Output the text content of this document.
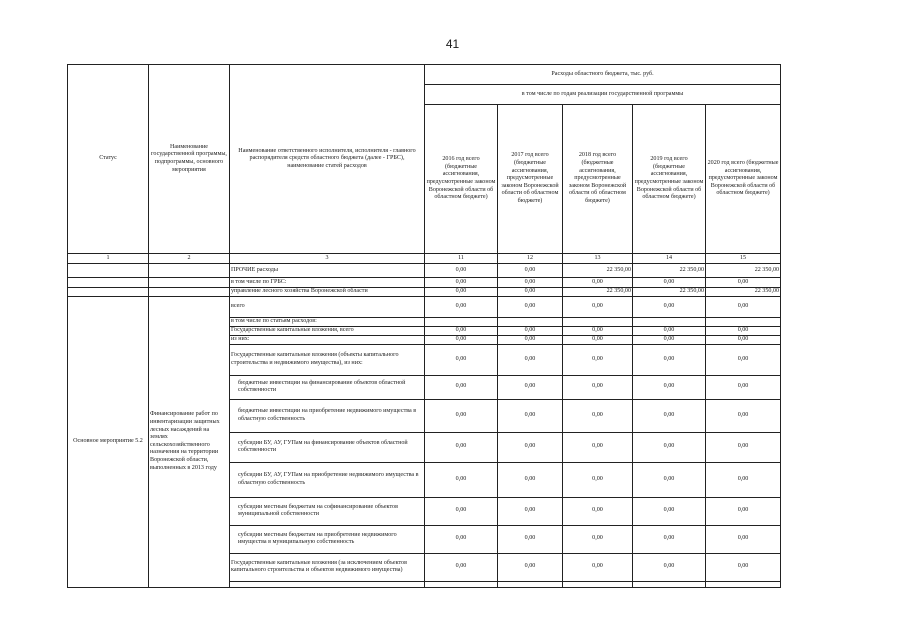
41
Статус	Наименование государственной программы, подпрограммы, основного мероприятия	Наименование ответственного исполнителя, исполнителя - главного распорядителя средств областного бюджета (далее - ГРБС), наименование статей расходов	Расходы областного бюджета, тыс. руб.				
			в том числе по годам реализации государственной программы				
			2016 год всего (бюджетные ассигнования, предусмотренные законом Воронежской области об областном бюджете)	2017 год всего (бюджетные ассигнования, предусмотренные законом Воронежской области об областном бюджете)	2018 год всего (бюджетные ассигнования, предусмотренные законом Воронежской области об областном бюджете)	2019 год всего (бюджетные ассигнования, предусмотренные законом Воронежской области об областном бюджете)	2020 год всего (бюджетные ассигнования, предусмотренные законом Воронежской области об областном бюджете)
1	2	3	11	12	13	14	15
		ПРОЧИЕ расходы	0,00	0,00	22 350,00	22 350,00	22 350,00
		в том числе по ГРБС:	0,00	0,00	0,00	0,00	0,00
		управление лесного хозяйства Воронежской области	0,00	0,00	22 350,00	22 350,00	22 350,00
Основное мероприятие 5.2	Финансирование работ по инвентаризации защитных лесных насаждений на землях сельскохозяйственного назначения на территории Воронежской области, выполненных в 2013 году	всего	0,00	0,00	0,00	0,00	0,00
		в том числе по статьям расходов:					
		Государственные капитальные вложения, всего	0,00	0,00	0,00	0,00	0,00
		из них:	0,00	0,00	0,00	0,00	0,00
		Государственные капитальные вложения (объекты капитального строительства и недвижимого имущества), из них:	0,00	0,00	0,00	0,00	0,00
		бюджетные инвестиции на финансирование объектов областной собственности	0,00	0,00	0,00	0,00	0,00
		бюджетные инвестиции на приобретение недвижимого имущества в областную собственность	0,00	0,00	0,00	0,00	0,00
		субсидии БУ, АУ, ГУПам на финансирование объектов областной собственности	0,00	0,00	0,00	0,00	0,00
		субсидии БУ, АУ, ГУПам на приобретение недвижимого имущества в областную собственность	0,00	0,00	0,00	0,00	0,00
		субсидии местным бюджетам на софинансирование объектов муниципальной собственности	0,00	0,00	0,00	0,00	0,00
		субсидии местным бюджетам на приобретение недвижимого имущества в муниципальную собственность	0,00	0,00	0,00	0,00	0,00
		Государственные капитальные вложения (за исключением объектов капитального строительства и объектов недвижимого имущества)	0,00	0,00	0,00	0,00	0,00
